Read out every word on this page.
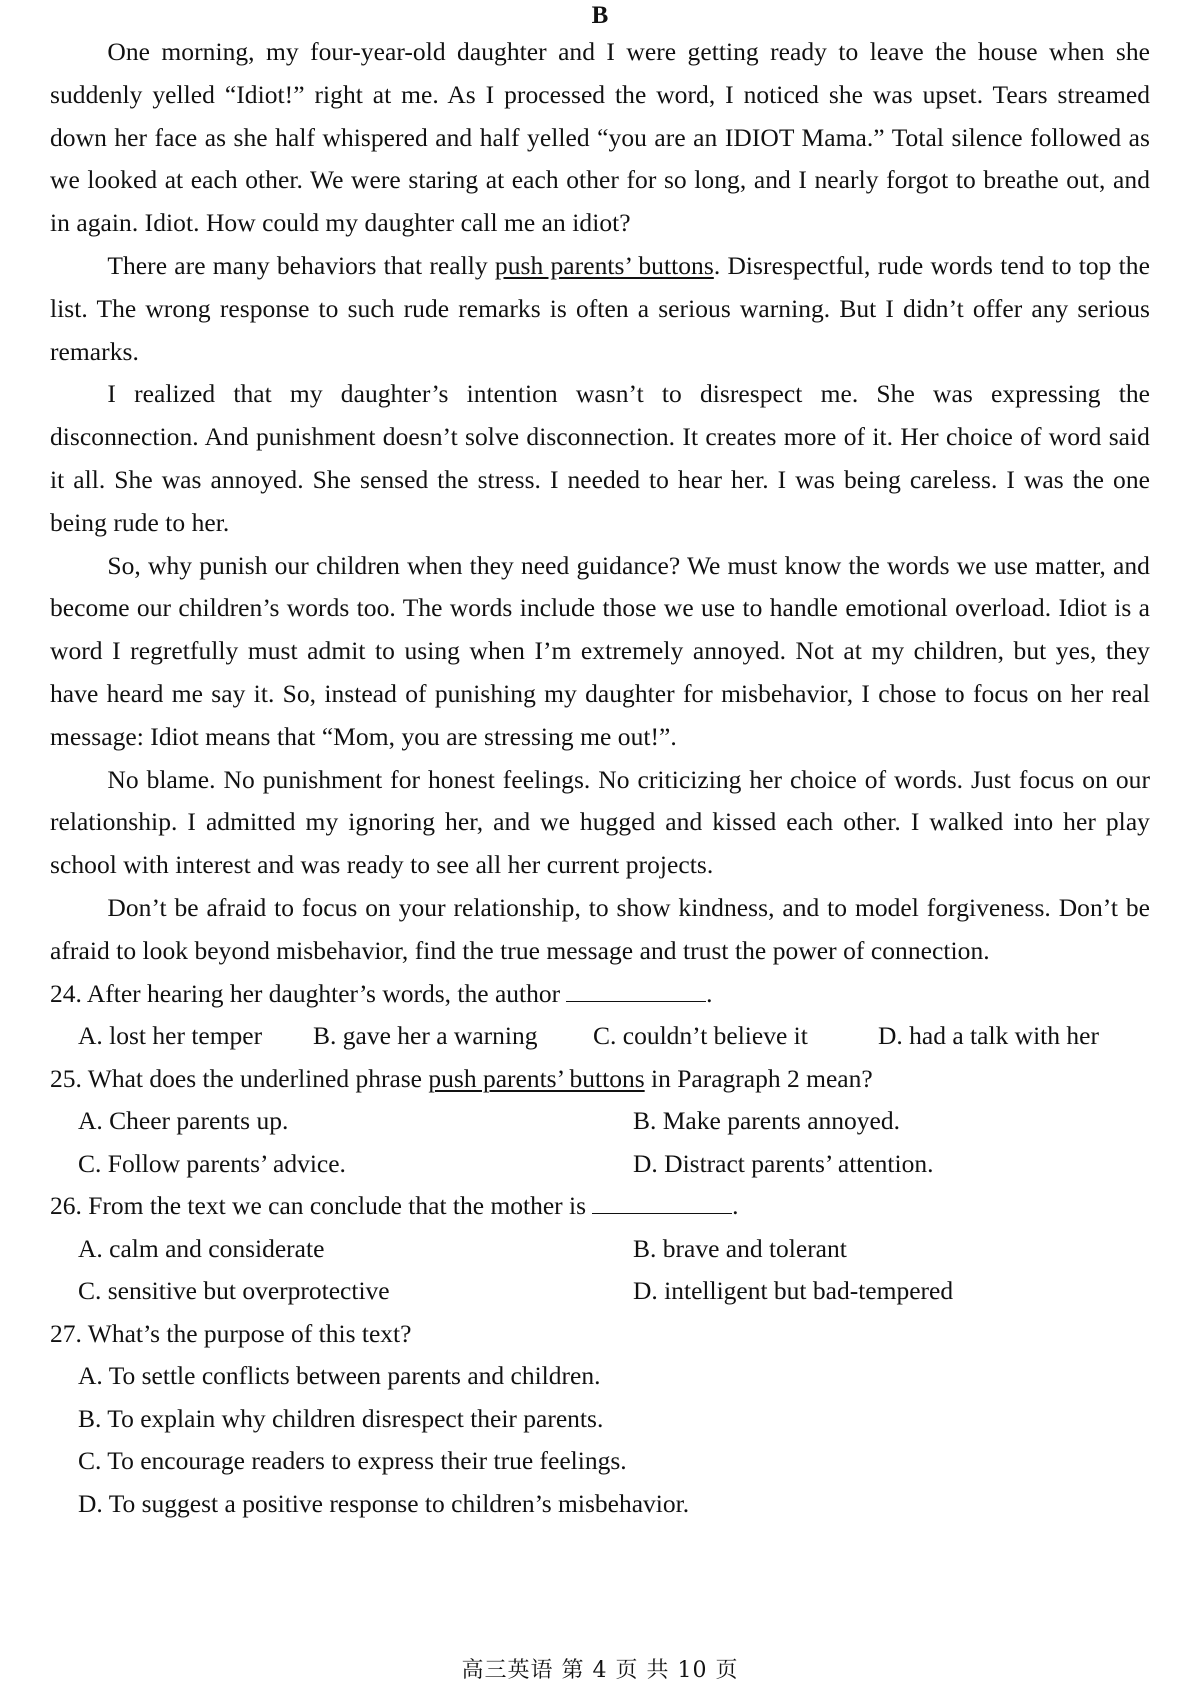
B

One morning, my four-year-old daughter and I were getting ready to leave the house when she suddenly yelled “Idiot!” right at me. As I processed the word, I noticed she was upset. Tears streamed down her face as she half whispered and half yelled “you are an IDIOT Mama.” Total silence followed as we looked at each other. We were staring at each other for so long, and I nearly forgot to breathe out, and in again. Idiot. How could my daughter call me an idiot?

There are many behaviors that really push parents’ buttons. Disrespectful, rude words tend to top the list. The wrong response to such rude remarks is often a serious warning. But I didn’t offer any serious remarks.

I realized that my daughter’s intention wasn’t to disrespect me. She was expressing the disconnection. And punishment doesn’t solve disconnection. It creates more of it. Her choice of word said it all. She was annoyed. She sensed the stress. I needed to hear her. I was being careless. I was the one being rude to her.

So, why punish our children when they need guidance? We must know the words we use matter, and become our children’s words too. The words include those we use to handle emotional overload. Idiot is a word I regretfully must admit to using when I’m extremely annoyed. Not at my children, but yes, they have heard me say it. So, instead of punishing my daughter for misbehavior, I chose to focus on her real message: Idiot means that “Mom, you are stressing me out!”.

No blame. No punishment for honest feelings. No criticizing her choice of words. Just focus on our relationship. I admitted my ignoring her, and we hugged and kissed each other. I walked into her play school with interest and was ready to see all her current projects.

Don’t be afraid to focus on your relationship, to show kindness, and to model forgiveness. Don’t be afraid to look beyond misbehavior, find the true message and trust the power of connection.

24. After hearing her daughter’s words, the author	.
A. lost her temper	B. gave her a warning	C. couldn’t believe it	D. had a talk with her
25. What does the underlined phrase push parents’ buttons in Paragraph 2 mean?
A. Cheer parents up.	B. Make parents annoyed.
C. Follow parents’ advice.	D. Distract parents’ attention.
26. From the text we can conclude that the mother is	.
A. calm and considerate	B. brave and tolerant
C. sensitive but overprotective	D. intelligent but bad-tempered
27. What’s the purpose of this text?
A. To settle conflicts between parents and children.
B. To explain why children disrespect their parents.
C. To encourage readers to express their true feelings.
D. To suggest a positive response to children’s misbehavior.
高三英语 第 4 页 共 10 页
